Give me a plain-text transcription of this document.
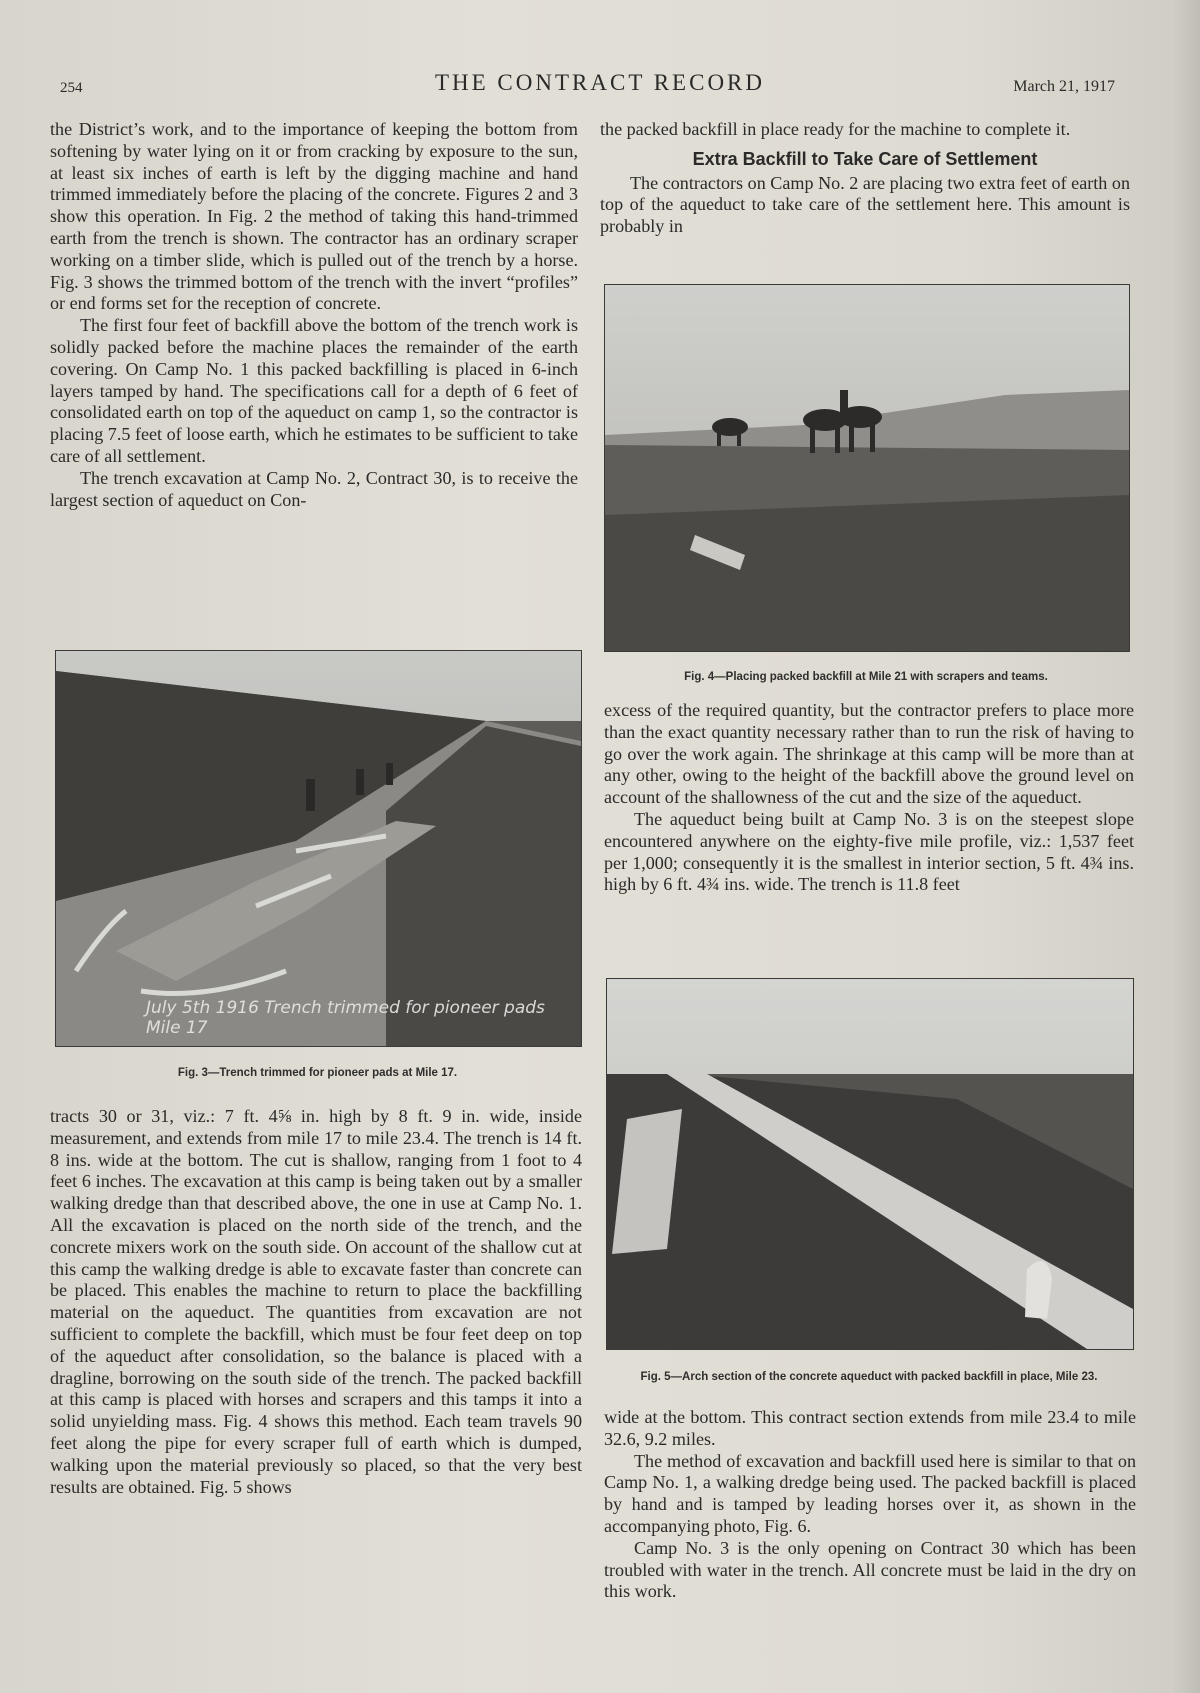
254	THE CONTRACT RECORD	March 21, 1917

the District’s work, and to the importance of keeping the bottom from softening by water lying on it or from cracking by exposure to the sun, at least six inches of earth is left by the digging machine and hand trimmed immediately before the placing of the concrete. Figures 2 and 3 show this operation. In Fig. 2 the method of taking this hand-trimmed earth from the trench is shown. The contractor has an ordinary scraper working on a timber slide, which is pulled out of the trench by a horse. Fig. 3 shows the trimmed bottom of the trench with the invert “profiles” or end forms set for the reception of concrete.

The first four feet of backfill above the bottom of the trench work is solidly packed before the machine places the remainder of the earth covering. On Camp No. 1 this packed backfilling is placed in 6-inch layers tamped by hand. The specifications call for a depth of 6 feet of consolidated earth on top of the aqueduct on camp 1, so the contractor is placing 7.5 feet of loose earth, which he estimates to be sufficient to take care of all settlement.

The trench excavation at Camp No. 2, Contract 30, is to receive the largest section of aqueduct on Con-

July 5th 1916 Trench trimmed for pioneer pads Mile 17
Fig. 3—Trench trimmed for pioneer pads at Mile 17.

tracts 30 or 31, viz.: 7 ft. 4⅝ in. high by 8 ft. 9 in. wide, inside measurement, and extends from mile 17 to mile 23.4. The trench is 14 ft. 8 ins. wide at the bottom. The cut is shallow, ranging from 1 foot to 4 feet 6 inches. The excavation at this camp is being taken out by a smaller walking dredge than that described above, the one in use at Camp No. 1. All the excavation is placed on the north side of the trench, and the concrete mixers work on the south side. On account of the shallow cut at this camp the walking dredge is able to excavate faster than concrete can be placed. This enables the machine to return to place the backfilling material on the aqueduct. The quantities from excavation are not sufficient to complete the backfill, which must be four feet deep on top of the aqueduct after consolidation, so the balance is placed with a dragline, borrowing on the south side of the trench. The packed backfill at this camp is placed with horses and scrapers and this tamps it into a solid unyielding mass. Fig. 4 shows this method. Each team travels 90 feet along the pipe for every scraper full of earth which is dumped, walking upon the material previously so placed, so that the very best results are obtained. Fig. 5 shows

the packed backfill in place ready for the machine to complete it.

Extra Backfill to Take Care of Settlement

The contractors on Camp No. 2 are placing two extra feet of earth on top of the aqueduct to take care of the settlement here. This amount is probably in

Fig. 4—Placing packed backfill at Mile 21 with scrapers and teams.

excess of the required quantity, but the contractor prefers to place more than the exact quantity necessary rather than to run the risk of having to go over the work again. The shrinkage at this camp will be more than at any other, owing to the height of the backfill above the ground level on account of the shallowness of the cut and the size of the aqueduct.

The aqueduct being built at Camp No. 3 is on the steepest slope encountered anywhere on the eighty-five mile profile, viz.: 1,537 feet per 1,000; consequently it is the smallest in interior section, 5 ft. 4¾ ins. high by 6 ft. 4¾ ins. wide. The trench is 11.8 feet

Fig. 5—Arch section of the concrete aqueduct with packed backfill in place, Mile 23.

wide at the bottom. This contract section extends from mile 23.4 to mile 32.6, 9.2 miles.

The method of excavation and backfill used here is similar to that on Camp No. 1, a walking dredge being used. The packed backfill is placed by hand and is tamped by leading horses over it, as shown in the accompanying photo, Fig. 6.

Camp No. 3 is the only opening on Contract 30 which has been troubled with water in the trench. All concrete must be laid in the dry on this work.
